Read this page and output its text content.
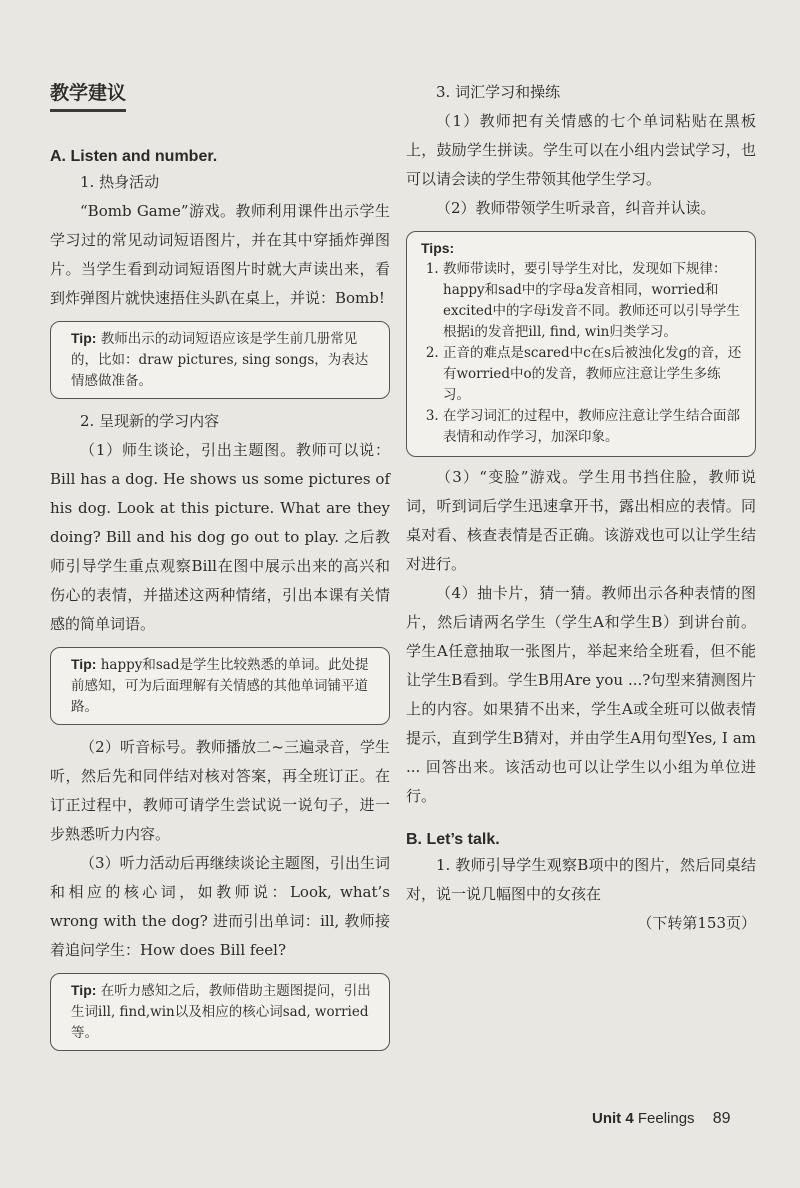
教学建议
A. Listen and number.

1. 热身活动

“Bomb Game”游戏。教师利用课件出示学生学习过的常见动词短语图片，并在其中穿插炸弹图片。当学生看到动词短语图片时就大声读出来，看到炸弹图片就快速捂住头趴在桌上，并说：Bomb!

Tip: 教师出示的动词短语应该是学生前几册常见的，比如：draw pictures, sing songs，为表达情感做准备。

2. 呈现新的学习内容

（1）师生谈论，引出主题图。教师可以说：Bill has a dog. He shows us some pictures of his dog. Look at this picture. What are they doing? Bill and his dog go out to play. 之后教师引导学生重点观察Bill在图中展示出来的高兴和伤心的表情，并描述这两种情绪，引出本课有关情感的简单词语。

Tip: happy和sad是学生比较熟悉的单词。此处提前感知，可为后面理解有关情感的其他单词铺平道路。

（2）听音标号。教师播放二~三遍录音，学生听，然后先和同伴结对核对答案，再全班订正。在订正过程中，教师可请学生尝试说一说句子，进一步熟悉听力内容。

（3）听力活动后再继续谈论主题图，引出生词和相应的核心词，如教师说：Look, what’s wrong with the dog? 进而引出单词：ill, 教师接着追问学生：How does Bill feel?

Tip: 在听力感知之后，教师借助主题图提问，引出生词ill, find,win以及相应的核心词sad, worried等。

3. 词汇学习和操练

（1）教师把有关情感的七个单词粘贴在黑板上，鼓励学生拼读。学生可以在小组内尝试学习，也可以请会读的学生带领其他学生学习。

（2）教师带领学生听录音，纠音并认读。

Tips:
1. 教师带读时，要引导学生对比，发现如下规律：happy和sad中的字母a发音相同，worried和excited中的字母i发音不同。教师还可以引导学生根据i的发音把ill, find, win归类学习。
2. 正音的难点是scared中c在s后被浊化发g的音，还有worried中o的发音，教师应注意让学生多练习。
3. 在学习词汇的过程中，教师应注意让学生结合面部表情和动作学习，加深印象。

（3）“变脸”游戏。学生用书挡住脸，教师说词，听到词后学生迅速拿开书，露出相应的表情。同桌对看、核查表情是否正确。该游戏也可以让学生结对进行。

（4）抽卡片，猜一猜。教师出示各种表情的图片，然后请两名学生（学生A和学生B）到讲台前。学生A任意抽取一张图片，举起来给全班看，但不能让学生B看到。学生B用Are you ...?句型来猜测图片上的内容。如果猜不出来，学生A或全班可以做表情提示，直到学生B猜对，并由学生A用句型Yes, I am ... 回答出来。该活动也可以让学生以小组为单位进行。

B. Let’s talk.

1. 教师引导学生观察B项中的图片，然后同桌结对，说一说几幅图中的女孩在

（下转第153页）

Unit 4 Feelings 89
